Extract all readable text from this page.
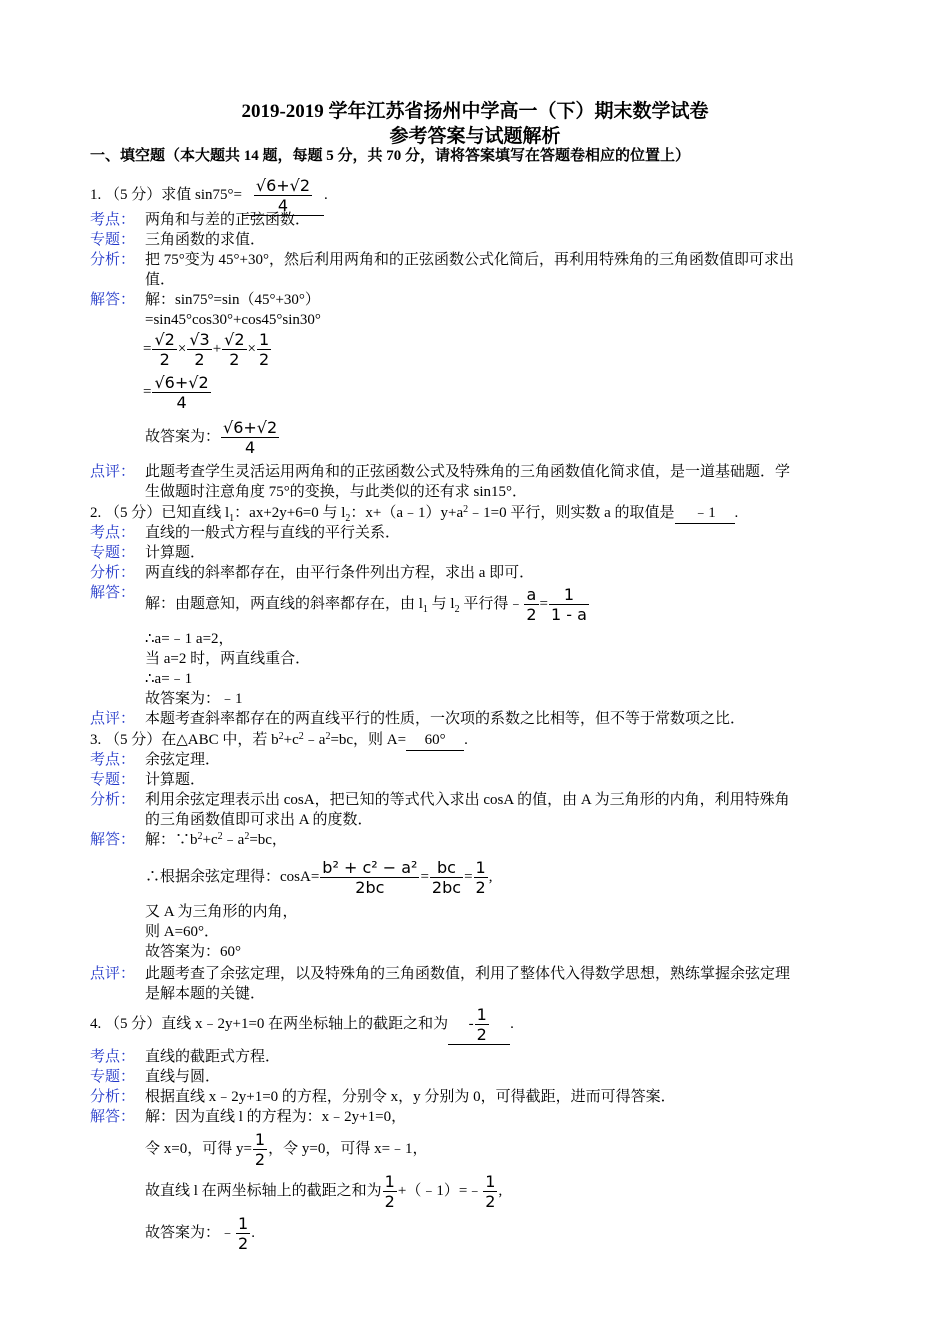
2019-2019 学年江苏省扬州中学高一（下）期末数学试卷
参考答案与试题解析
一、填空题（本大题共 14 题，每题 5 分，共 70 分，请将答案填写在答题卷相应的位置上）
1. （5 分）求值 $\sin 75^\circ= \frac{√6+√2}{4}$ .
考点： 两角和与差的正弦函数．
专题： 三角函数的求值．
分析： 把 75°变为 45°+30°，然后利用两角和的正弦函数公式化简后，再利用特殊角的三角函数值即可求出
值．
解答： 解：sin75°=sin（45°+30°）
=sin45°cos30°+cos45°sin30°
= $\frac{√2}{2} \times \frac{√3}{2} + \frac{√2}{2} \times \frac{1}{2}$
= $\frac{√6+√2}{4}$
故答案为： $\frac{√6+√2}{4}$
点评： 此题考查学生灵活运用两角和的正弦函数公式及特殊角的三角函数值化简求值，是一道基础题．学
生做题时注意角度 75°的变换，与此类似的还有求 sin15°．
2. （5 分）已知直线 $l_1$：ax+2y+6=0 与 $l_2$：$x+(a﹣1)y+a^2﹣1=0$ 平行，则实数 a 的取值是 ﹣1 .
考点： 直线的一般式方程与直线的平行关系．
专题： 计算题．
分析： 两直线的斜率都存在，由平行条件列出方程，求出 a 即可．
解答：
解：由题意知，两直线的斜率都存在，由 $l_1$ 与 $l_2$ 平行得﹣ $\frac{a}{2} = \frac{1}{1 - a}$
∴a=﹣1 a=2，
当 a=2 时，两直线重合．
∴a=﹣1
故答案为：﹣1
点评： 本题考查斜率都存在的两直线平行的性质，一次项的系数之比相等，但不等于常数项之比．
3. （5 分）在△ABC 中，若 $b^2+c^2﹣a^2=bc$，则 A= 60° .
考点： 余弦定理．
专题： 计算题．
分析： 利用余弦定理表示出 cosA，把已知的等式代入求出 cosA 的值，由 A 为三角形的内角，利用特殊角
的三角函数值即可求出 A 的度数．
解答： 解：$\because b^2+c^2﹣a^2=bc$，
∴根据余弦定理得：$\cos A= \frac{\text{b² + c² − a²}}{2bc} = \frac{bc}{2bc} = \frac{1}{2}$ ,
又 A 为三角形的内角，
则 A=60°．
故答案为：60°
点评： 此题考查了余弦定理，以及特殊角的三角函数值，利用了整体代入得数学思想，熟练掌握余弦定理
是解本题的关键．
4. （5 分）直线 x﹣2y+1=0 在两坐标轴上的截距之和为 - $\frac{1}{2}$ .
考点： 直线的截距式方程．
专题： 直线与圆．
分析： 根据直线 x﹣2y+1=0 的方程，分别令 x，y 分别为 0，可得截距，进而可得答案．
解答： 解：因为直线 l 的方程为：x﹣2y+1=0，
令 x=0，可得 $y= \frac{1}{2}$ ，令 y=0，可得 x=﹣1，
故直线 l 在两坐标轴上的截距之和为 $\frac{1}{2}$ +（﹣1）=﹣ $\frac{1}{2}$ ,
故答案为：﹣ $\frac{1}{2}$ .
